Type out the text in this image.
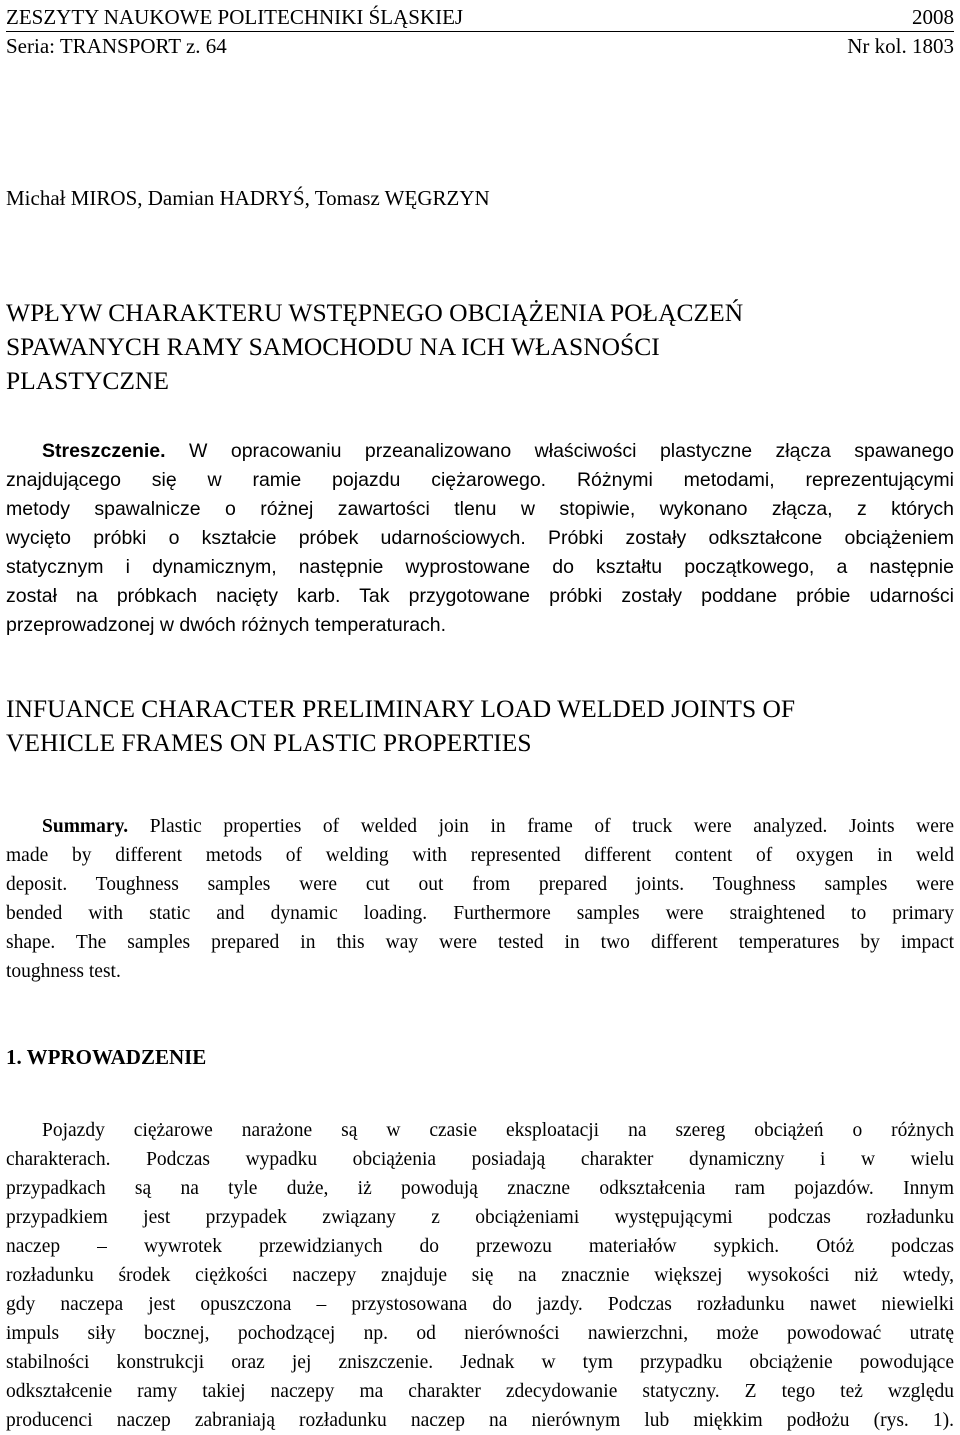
ZESZYTY NAUKOWE POLITECHNIKI ŚLĄSKIEJ	2008
Seria: TRANSPORT z. 64	Nr kol. 1803
Michał MIROS, Damian HADRYŚ, Tomasz WĘGRZYN
WPŁYW CHARAKTERU WSTĘPNEGO OBCIĄŻENIA POŁĄCZEŃ
SPAWANYCH RAMY SAMOCHODU NA ICH WŁASNOŚCI
PLASTYCZNE
Streszczenie. W opracowaniu przeanalizowano właściwości plastyczne złącza spawanego
znajdującego się w ramie pojazdu ciężarowego. Różnymi metodami, reprezentującymi
metody spawalnicze o różnej zawartości tlenu w stopiwie, wykonano złącza, z których
wycięto próbki o kształcie próbek udarnościowych. Próbki zostały odkształcone obciążeniem
statycznym i dynamicznym, następnie wyprostowane do kształtu początkowego, a następnie
został na próbkach nacięty karb. Tak przygotowane próbki zostały poddane próbie udarności
przeprowadzonej w dwóch różnych temperaturach.
INFUANCE CHARACTER PRELIMINARY LOAD WELDED JOINTS OF
VEHICLE FRAMES ON PLASTIC PROPERTIES
Summary. Plastic properties of welded join in frame of truck were analyzed. Joints were
made by different metods of welding with represented different content of oxygen in weld
deposit. Toughness samples were cut out from prepared joints. Toughness samples were
bended with static and dynamic loading. Furthermore samples were straightened to primary
shape. The samples prepared in this way were tested in two different temperatures by impact
toughness test.
1. WPROWADZENIE
Pojazdy ciężarowe narażone są w czasie eksploatacji na szereg obciążeń o różnych
charakterach. Podczas wypadku obciążenia posiadają charakter dynamiczny i w wielu
przypadkach są na tyle duże, iż powodują znaczne odkształcenia ram pojazdów. Innym
przypadkiem jest przypadek związany z obciążeniami występującymi podczas rozładunku
naczep – wywrotek przewidzianych do przewozu materiałów sypkich. Otóż podczas
rozładunku środek ciężkości naczepy znajduje się na znacznie większej wysokości niż wtedy,
gdy naczepa jest opuszczona – przystosowana do jazdy. Podczas rozładunku nawet niewielki
impuls siły bocznej, pochodzącej np. od nierówności nawierzchni, może powodować utratę
stabilności konstrukcji oraz jej zniszczenie. Jednak w tym przypadku obciążenie powodujące
odkształcenie ramy takiej naczepy ma charakter zdecydowanie statyczny. Z tego też względu
producenci naczep zabraniają rozładunku naczep na nierównym lub miękkim podłożu (rys. 1).
